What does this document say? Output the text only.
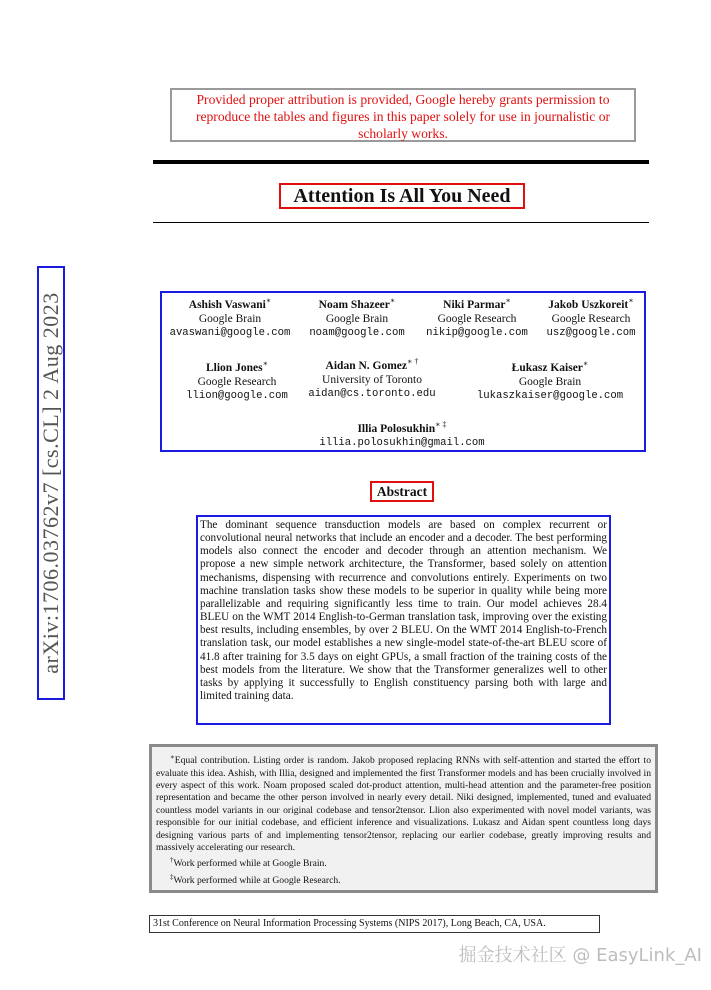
Provided proper attribution is provided, Google hereby grants permission to reproduce the tables and figures in this paper solely for use in journalistic or scholarly works.
Attention Is All You Need
arXiv:1706.03762v7 [cs.CL] 2 Aug 2023	Ashish Vaswani∗
Google Brain
avaswani@google.com
Noam Shazeer∗
Google Brain
noam@google.com
Niki Parmar∗
Google Research
nikip@google.com
Jakob Uszkoreit∗
Google Research
usz@google.com
Llion Jones∗
Google Research
llion@google.com
Aidan N. Gomez∗ †
University of Toronto
aidan@cs.toronto.edu
Łukasz Kaiser∗
Google Brain
lukaszkaiser@google.com
Illia Polosukhin∗ ‡
illia.polosukhin@gmail.com
Abstract
The dominant sequence transduction models are based on complex recurrent or convolutional neural networks that include an encoder and a decoder. The best performing models also connect the encoder and decoder through an attention mechanism. We propose a new simple network architecture, the Transformer, based solely on attention mechanisms, dispensing with recurrence and convolutions entirely. Experiments on two machine translation tasks show these models to be superior in quality while being more parallelizable and requiring significantly less time to train. Our model achieves 28.4 BLEU on the WMT 2014 English-to-German translation task, improving over the existing best results, including ensembles, by over 2 BLEU. On the WMT 2014 English-to-French translation task, our model establishes a new single-model state-of-the-art BLEU score of 41.8 after training for 3.5 days on eight GPUs, a small fraction of the training costs of the best models from the literature. We show that the Transformer generalizes well to other tasks by applying it successfully to English constituency parsing both with large and limited training data.

∗Equal contribution. Listing order is random. Jakob proposed replacing RNNs with self-attention and started the effort to evaluate this idea. Ashish, with Illia, designed and implemented the first Transformer models and has been crucially involved in every aspect of this work. Noam proposed scaled dot-product attention, multi-head attention and the parameter-free position representation and became the other person involved in nearly every detail. Niki designed, implemented, tuned and evaluated countless model variants in our original codebase and tensor2tensor. Llion also experimented with novel model variants, was responsible for our initial codebase, and efficient inference and visualizations. Lukasz and Aidan spent countless long days designing various parts of and implementing tensor2tensor, replacing our earlier codebase, greatly improving results and massively accelerating our research.

†Work performed while at Google Brain.

‡Work performed while at Google Research.

31st Conference on Neural Information Processing Systems (NIPS 2017), Long Beach, CA, USA.
掘金技术社区 @ EasyLink_AI
